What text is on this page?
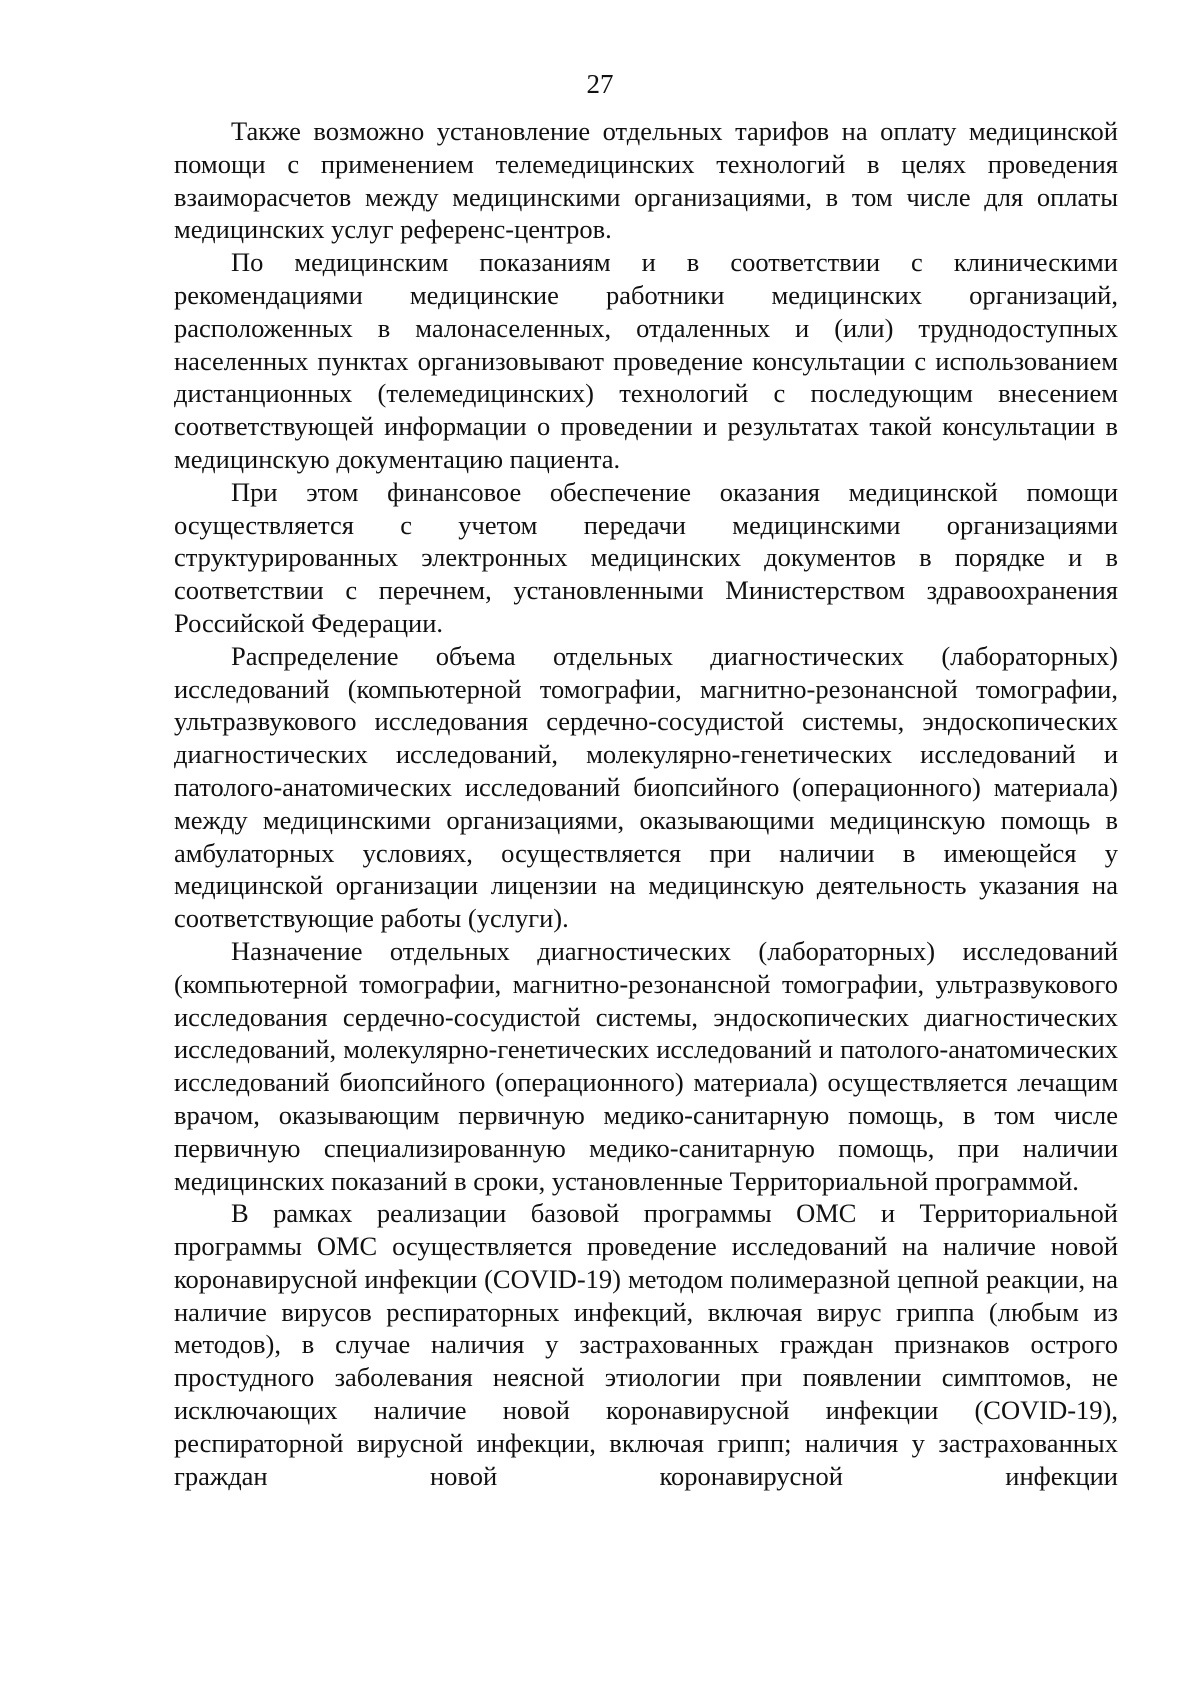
27

Также возможно установление отдельных тарифов на оплату медицинской помощи с применением телемедицинских технологий в целях проведения взаиморасчетов между медицинскими организациями, в том числе для оплаты медицинских услуг референс-центров.

По медицинским показаниям и в соответствии с клиническими рекомендациями медицинские работники медицинских организаций, расположенных в малонаселенных, отдаленных и (или) труднодоступных населенных пунктах организовывают проведение консультации с использованием дистанционных (телемедицинских) технологий с последующим внесением соответствующей информации о проведении и результатах такой консультации в медицинскую документацию пациента.

При этом финансовое обеспечение оказания медицинской помощи осуществляется с учетом передачи медицинскими организациями структурированных электронных медицинских документов в порядке и в соответствии с перечнем, установленными Министерством здравоохранения Российской Федерации.

Распределение объема отдельных диагностических (лабораторных) исследований (компьютерной томографии, магнитно-резонансной томографии, ультразвукового исследования сердечно-сосудистой системы, эндоскопических диагностических исследований, молекулярно-генетических исследований и патолого-анатомических исследований биопсийного (операционного) материала) между медицинскими организациями, оказывающими медицинскую помощь в амбулаторных условиях, осуществляется при наличии в имеющейся у медицинской организации лицензии на медицинскую деятельность указания на соответствующие работы (услуги).

Назначение отдельных диагностических (лабораторных) исследований (компьютерной томографии, магнитно-резонансной томографии, ультразвукового исследования сердечно-сосудистой системы, эндоскопических диагностических исследований, молекулярно-генетических исследований и патолого-анатомических исследований биопсийного (операционного) материала) осуществляется лечащим врачом, оказывающим первичную медико-санитарную помощь, в том числе первичную специализированную медико-санитарную помощь, при наличии медицинских показаний в сроки, установленные Территориальной программой.

В рамках реализации базовой программы ОМС и Территориальной программы ОМС осуществляется проведение исследований на наличие новой коронавирусной инфекции (COVID-19) методом полимеразной цепной реакции, на наличие вирусов респираторных инфекций, включая вирус гриппа (любым из методов), в случае наличия у застрахованных граждан признаков острого простудного заболевания неясной этиологии при появлении симптомов, не исключающих наличие новой коронавирусной инфекции (COVID-19), респираторной вирусной инфекции, включая грипп; наличия у застрахованных граждан новой коронавирусной инфекции
